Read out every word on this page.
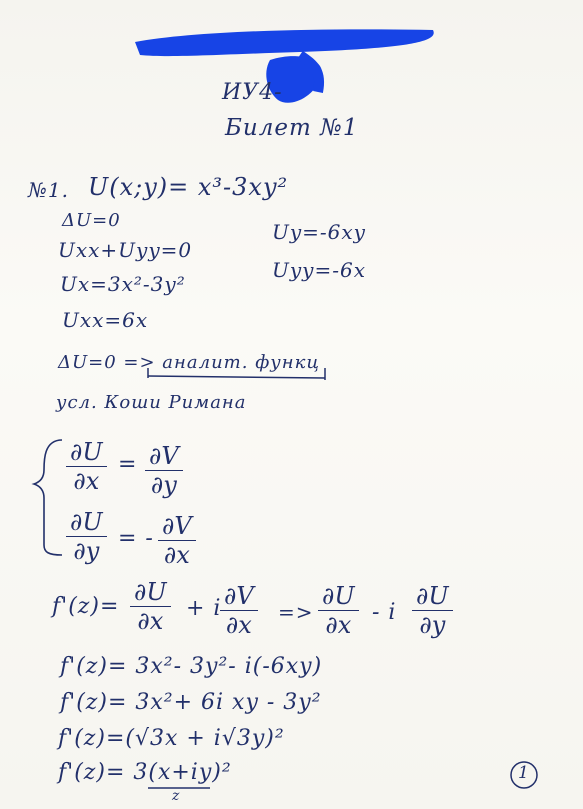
ИУ4-
Билет №1
№1. U(x;y)= x³-3xy²
ΔU=0
Uxx+Uyy=0
Ux=3x²-3y²
Uxx=6x
Uy=-6xy
Uyy=-6x
ΔU=0 => аналит. функц
усл. Коши Римана
∂U
∂x
= ∂V
∂y
∂U
∂y = - ∂V
∂x
f'(z)=
∂U
∂x + i ∂V
∂x =>
∂U
∂x - i
∂U
∂y
f'(z)= 3x²- 3y²- i(-6xy)
f'(z)= 3x²+ 6i xy - 3y²
f'(z)=(√3x + i√3y)²
f'(z)= 3(x+iy)²
z
1
